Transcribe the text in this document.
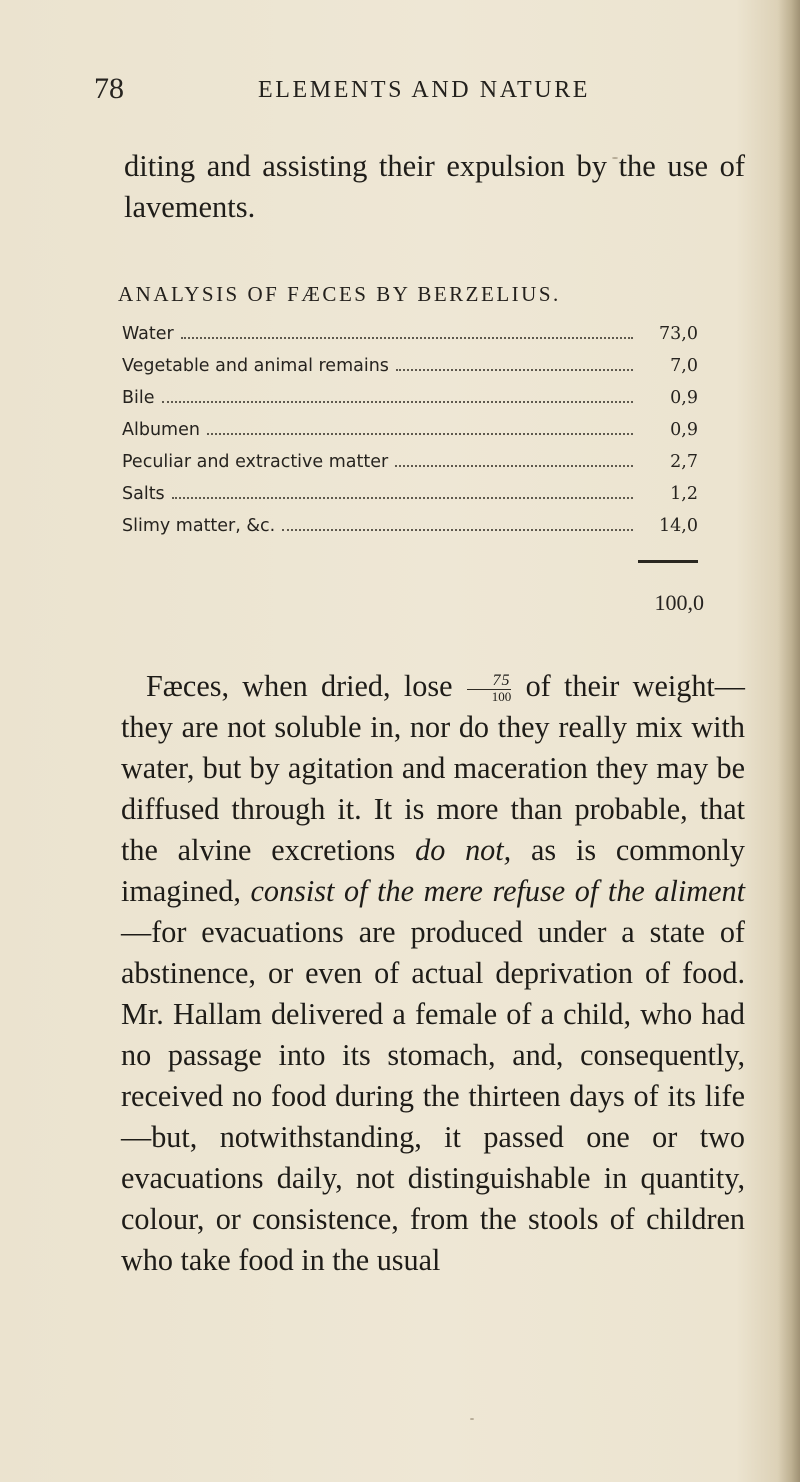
78	ELEMENTS AND NATURE

diting and assisting their expulsion by the use of lavements.

ANALYSIS OF FÆCES BY BERZELIUS.
Water	73,0
Vegetable and animal remains	7,0
Bile	0,9
Albumen	0,9
Peculiar and extractive matter	2,7
Salts	1,2
Slimy matter, &c.	14,0
100,0

Fæces, when dried, lose $\frac{75}{100}$ of their weight— they are not soluble in, nor do they really mix with water, but by agitation and maceration they may be diffused through it. It is more than probable, that the alvine excretions do not, as is commonly imagined, consist of the mere refuse of the aliment—for evacuations are produced under a state of abstinence, or even of actual deprivation of food. Mr. Hallam delivered a female of a child, who had no passage into its stomach, and, consequently, received no food during the thirteen days of its life—but, notwithstanding, it passed one or two evacuations daily, not distinguishable in quantity, colour, or consistence, from the stools of children who take food in the usual
